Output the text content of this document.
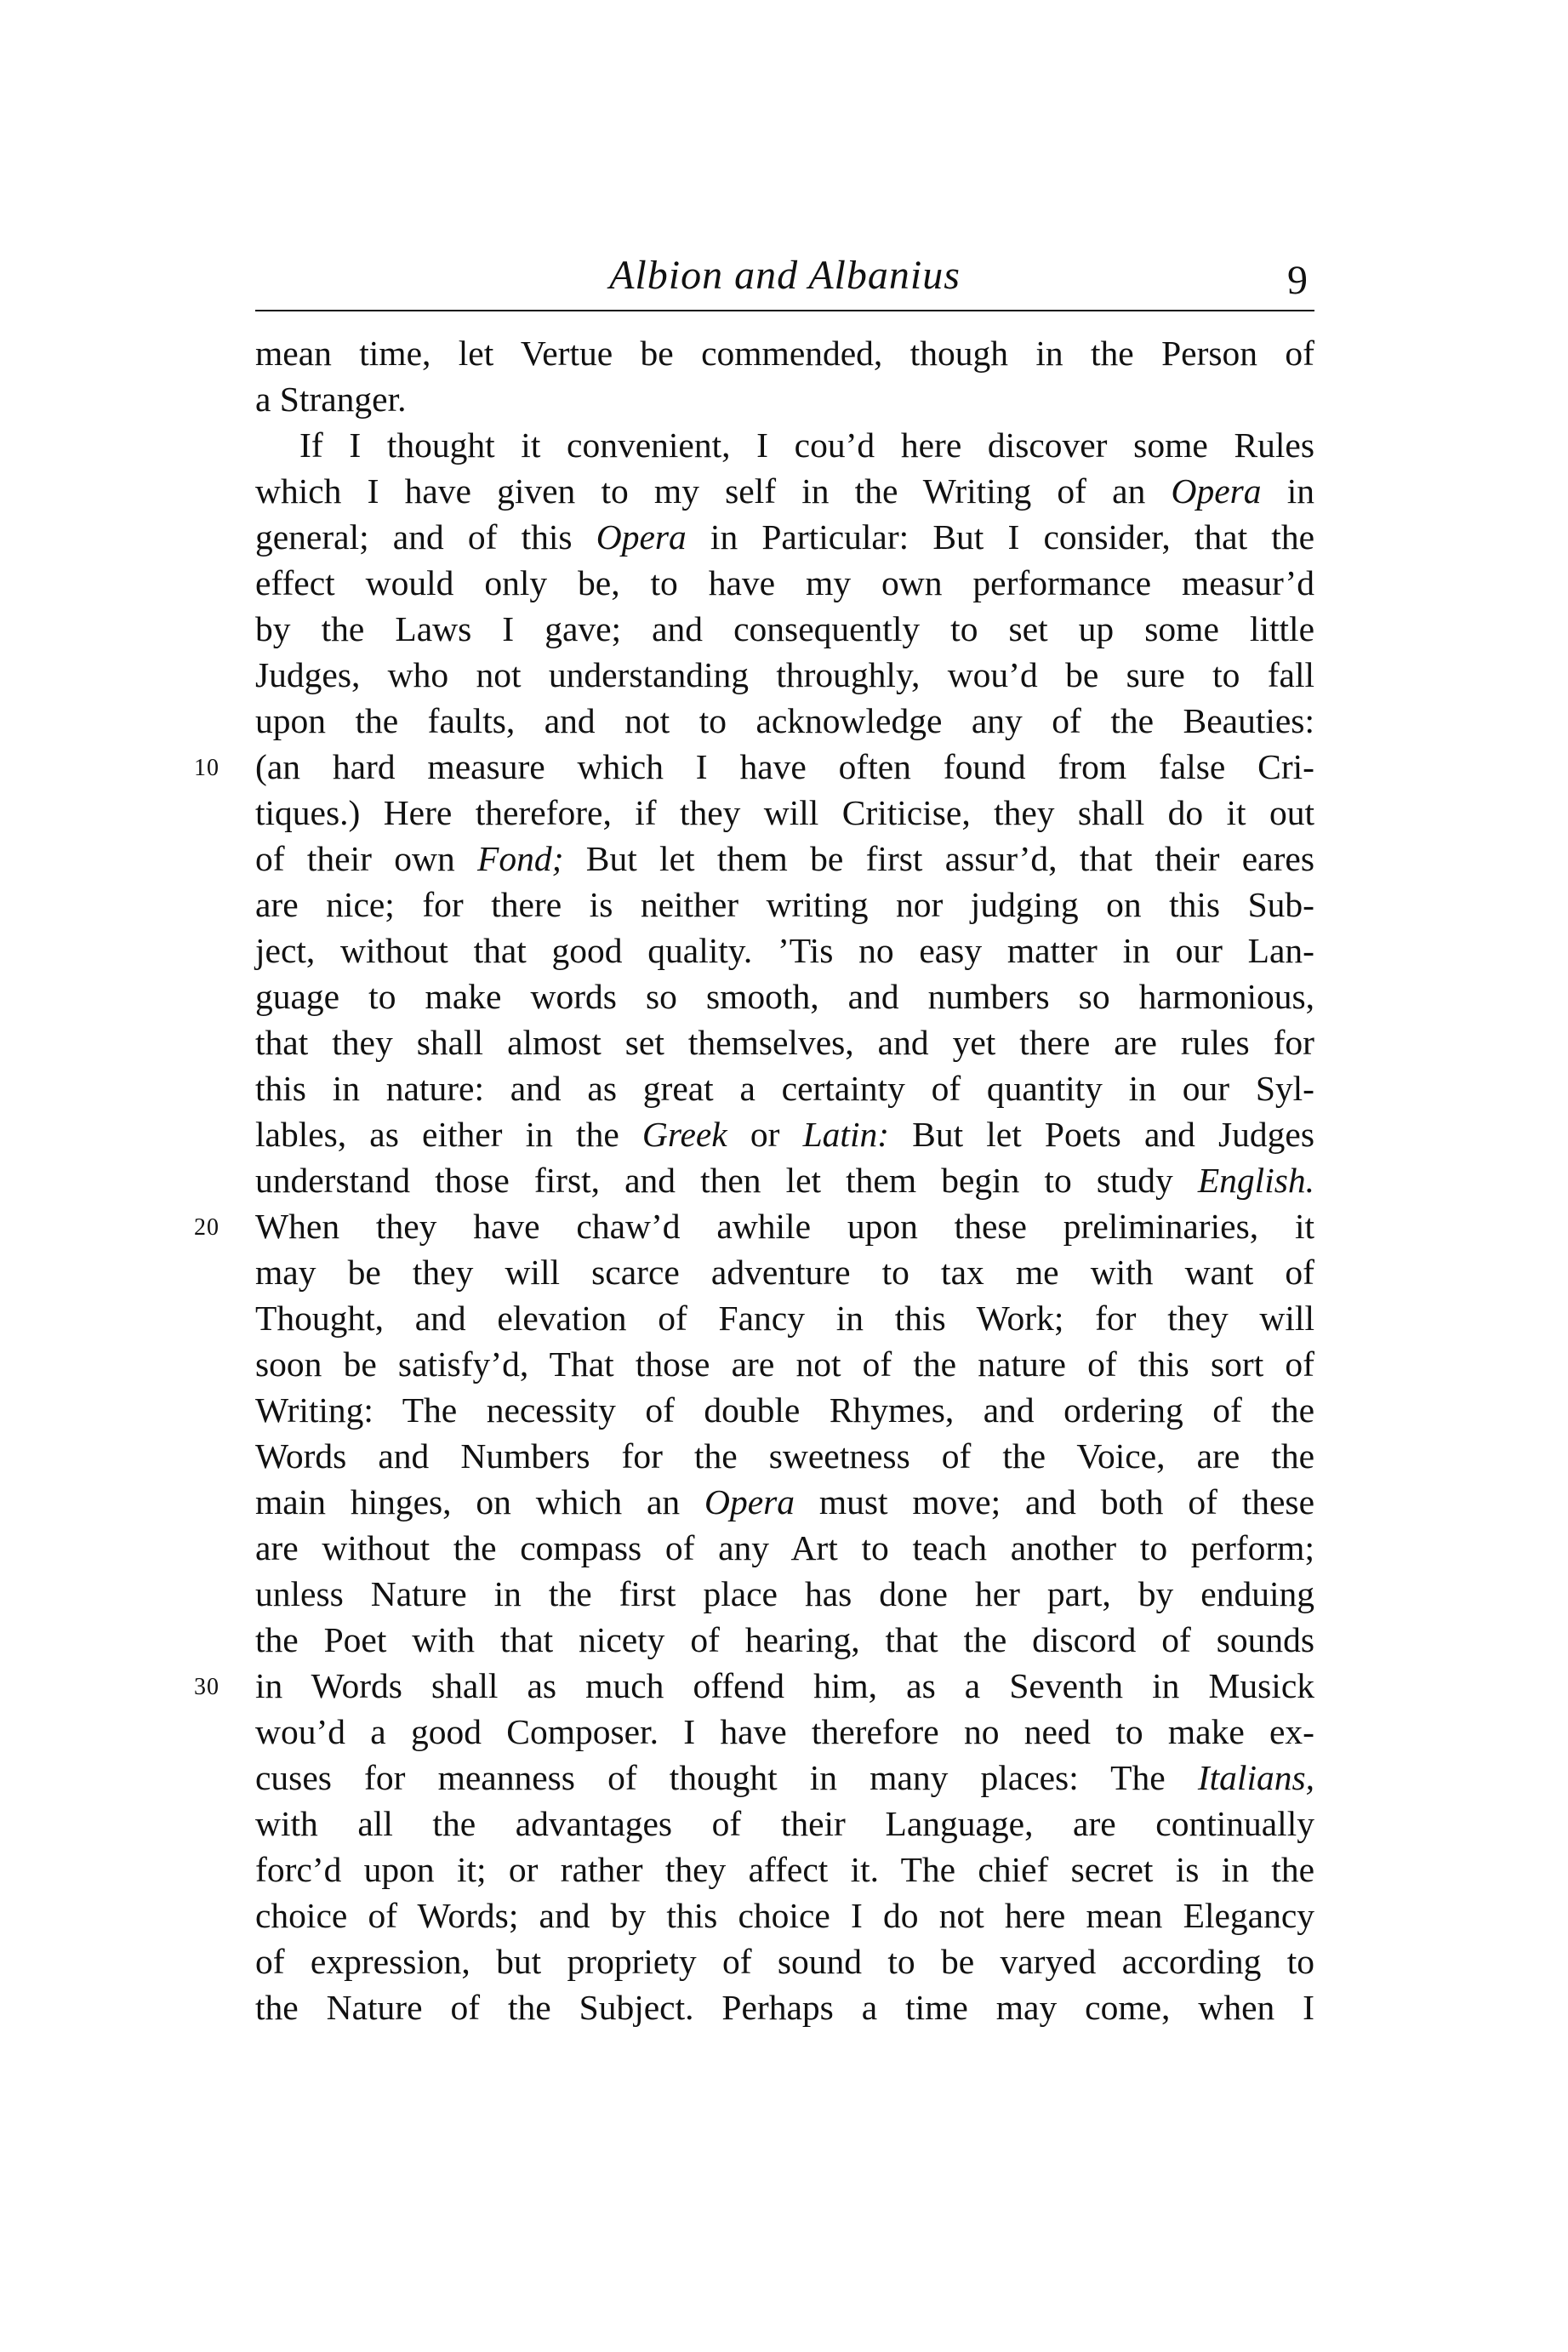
Albion and Albanius	9
mean time, let Vertue be commended, though in the Person of
a Stranger.
If I thought it convenient, I cou’d here discover some Rules
which I have given to my self in the Writing of an Opera in
general; and of this Opera in Particular: But I consider, that the
effect would only be, to have my own performance measur’d
by the Laws I gave; and consequently to set up some little
Judges, who not understanding throughly, wou’d be sure to fall
upon the faults, and not to acknowledge any of the Beauties:
10	(an hard measure which I have often found from false Cri-
tiques.) Here therefore, if they will Criticise, they shall do it out
of their own Fond; But let them be first assur’d, that their eares
are nice; for there is neither writing nor judging on this Sub-
ject, without that good quality. ’Tis no easy matter in our Lan-
guage to make words so smooth, and numbers so harmonious,
that they shall almost set themselves, and yet there are rules for
this in nature: and as great a certainty of quantity in our Syl-
lables, as either in the Greek or Latin: But let Poets and Judges
understand those first, and then let them begin to study English.
20	When they have chaw’d awhile upon these preliminaries, it
may be they will scarce adventure to tax me with want of
Thought, and elevation of Fancy in this Work; for they will
soon be satisfy’d, That those are not of the nature of this sort of
Writing: The necessity of double Rhymes, and ordering of the
Words and Numbers for the sweetness of the Voice, are the
main hinges, on which an Opera must move; and both of these
are without the compass of any Art to teach another to perform;
unless Nature in the first place has done her part, by enduing
the Poet with that nicety of hearing, that the discord of sounds
30	in Words shall as much offend him, as a Seventh in Musick
wou’d a good Composer. I have therefore no need to make ex-
cuses for meanness of thought in many places: The Italians,
with all the advantages of their Language, are continually
forc’d upon it; or rather they affect it. The chief secret is in the
choice of Words; and by this choice I do not here mean Elegancy
of expression, but propriety of sound to be varyed according to
the Nature of the Subject. Perhaps a time may come, when I
